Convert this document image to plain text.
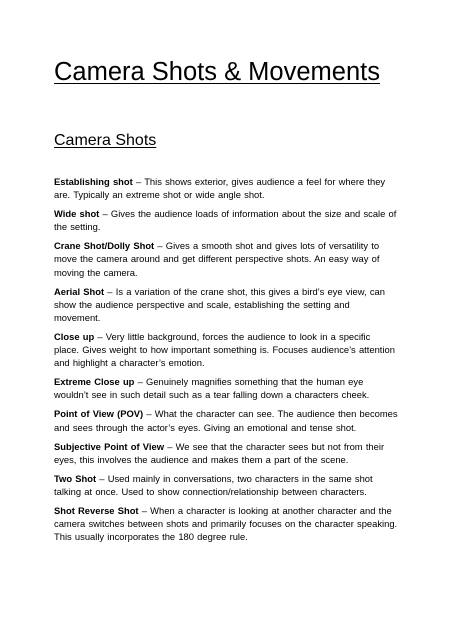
Camera Shots & Movements
Camera Shots

Establishing shot – This shows exterior, gives audience a feel for where they are. Typically an extreme shot or wide angle shot.

Wide shot – Gives the audience loads of information about the size and scale of the setting.

Crane Shot/Dolly Shot – Gives a smooth shot and gives lots of versatility to move the camera around and get different perspective shots. An easy way of moving the camera.

Aerial Shot – Is a variation of the crane shot, this gives a bird’s eye view, can show the audience perspective and scale, establishing the setting and movement.

Close up – Very little background, forces the audience to look in a specific place. Gives weight to how important something is. Focuses audience’s attention and highlight a character’s emotion.

Extreme Close up – Genuinely magnifies something that the human eye wouldn’t see in such detail such as a tear falling down a characters cheek.

Point of View (POV) – What the character can see. The audience then becomes and sees through the actor’s eyes. Giving an emotional and tense shot.

Subjective Point of View – We see that the character sees but not from their eyes, this involves the audience and makes them a part of the scene.

Two Shot – Used mainly in conversations, two characters in the same shot talking at once. Used to show connection/relationship between characters.

Shot Reverse Shot – When a character is looking at another character and the camera switches between shots and primarily focuses on the character speaking. This usually incorporates the 180 degree rule.
